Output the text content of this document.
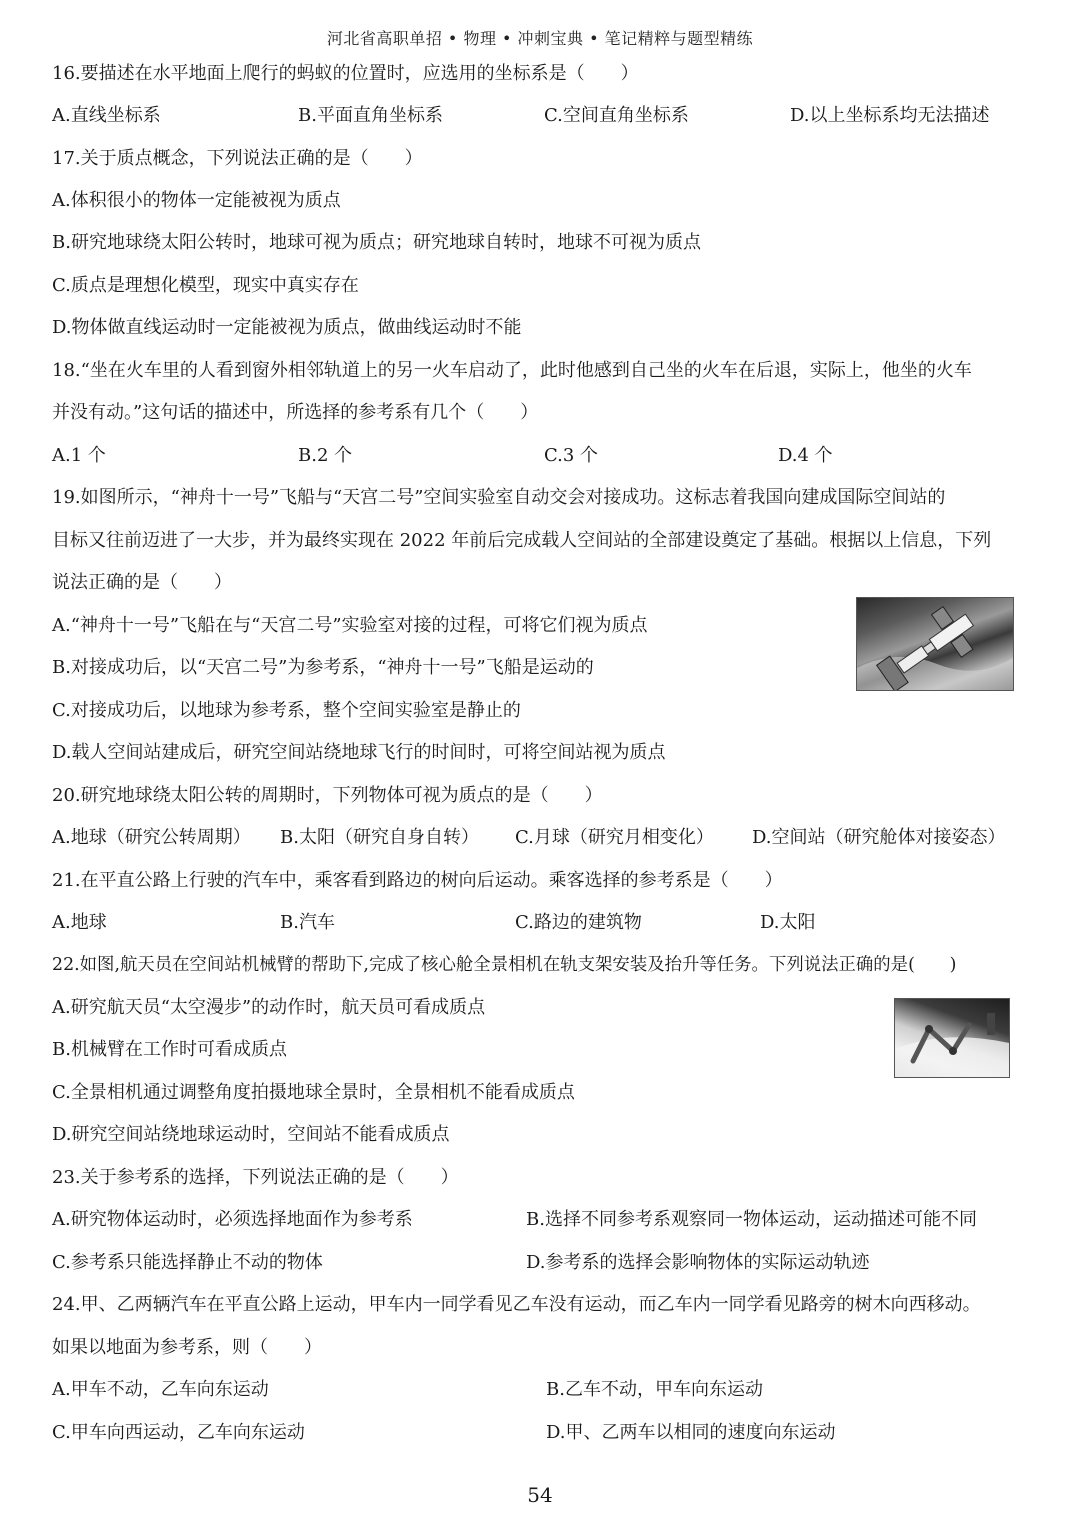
河北省高职单招 • 物理 • 冲刺宝典 • 笔记精粹与题型精练
16.要描述在水平地面上爬行的蚂蚁的位置时，应选用的坐标系是（　　）
A.直线坐标系	B.平面直角坐标系	C.空间直角坐标系	D.以上坐标系均无法描述
17.关于质点概念，下列说法正确的是（　　）
A.体积很小的物体一定能被视为质点
B.研究地球绕太阳公转时，地球可视为质点；研究地球自转时，地球不可视为质点
C.质点是理想化模型，现实中真实存在
D.物体做直线运动时一定能被视为质点，做曲线运动时不能
18.“坐在火车里的人看到窗外相邻轨道上的另一火车启动了，此时他感到自己坐的火车在后退，实际上，他坐的火车
并没有动。”这句话的描述中，所选择的参考系有几个（　　）
A.1 个	B.2 个	C.3 个	D.4 个
19.如图所示，“神舟十一号”飞船与“天宫二号”空间实验室自动交会对接成功。这标志着我国向建成国际空间站的
目标又往前迈进了一大步，并为最终实现在 2022 年前后完成载人空间站的全部建设奠定了基础。根据以上信息，下列
说法正确的是（　　）
A.“神舟十一号”飞船在与“天宫二号”实验室对接的过程，可将它们视为质点
B.对接成功后，以“天宫二号”为参考系，“神舟十一号”飞船是运动的
C.对接成功后，以地球为参考系，整个空间实验室是静止的
D.载人空间站建成后，研究空间站绕地球飞行的时间时，可将空间站视为质点
20.研究地球绕太阳公转的周期时，下列物体可视为质点的是（　　）
A.地球（研究公转周期） B.太阳（研究自身自转） C.月球（研究月相变化） D.空间站（研究舱体对接姿态）
21.在平直公路上行驶的汽车中，乘客看到路边的树向后运动。乘客选择的参考系是（　　）
A.地球	B.汽车	C.路边的建筑物	D.太阳
22.如图,航天员在空间站机械臂的帮助下,完成了核心舱全景相机在轨支架安装及抬升等任务。下列说法正确的是(　　)
A.研究航天员“太空漫步”的动作时，航天员可看成质点
B.机械臂在工作时可看成质点
C.全景相机通过调整角度拍摄地球全景时，全景相机不能看成质点
D.研究空间站绕地球运动时，空间站不能看成质点
23.关于参考系的选择，下列说法正确的是（　　）
A.研究物体运动时，必须选择地面作为参考系	B.选择不同参考系观察同一物体运动，运动描述可能不同
C.参考系只能选择静止不动的物体	D.参考系的选择会影响物体的实际运动轨迹
24.甲、乙两辆汽车在平直公路上运动，甲车内一同学看见乙车没有运动，而乙车内一同学看见路旁的树木向西移动。
如果以地面为参考系，则（　　）
A.甲车不动，乙车向东运动	B.乙车不动，甲车向东运动
C.甲车向西运动，乙车向东运动	D.甲、乙两车以相同的速度向东运动
54
